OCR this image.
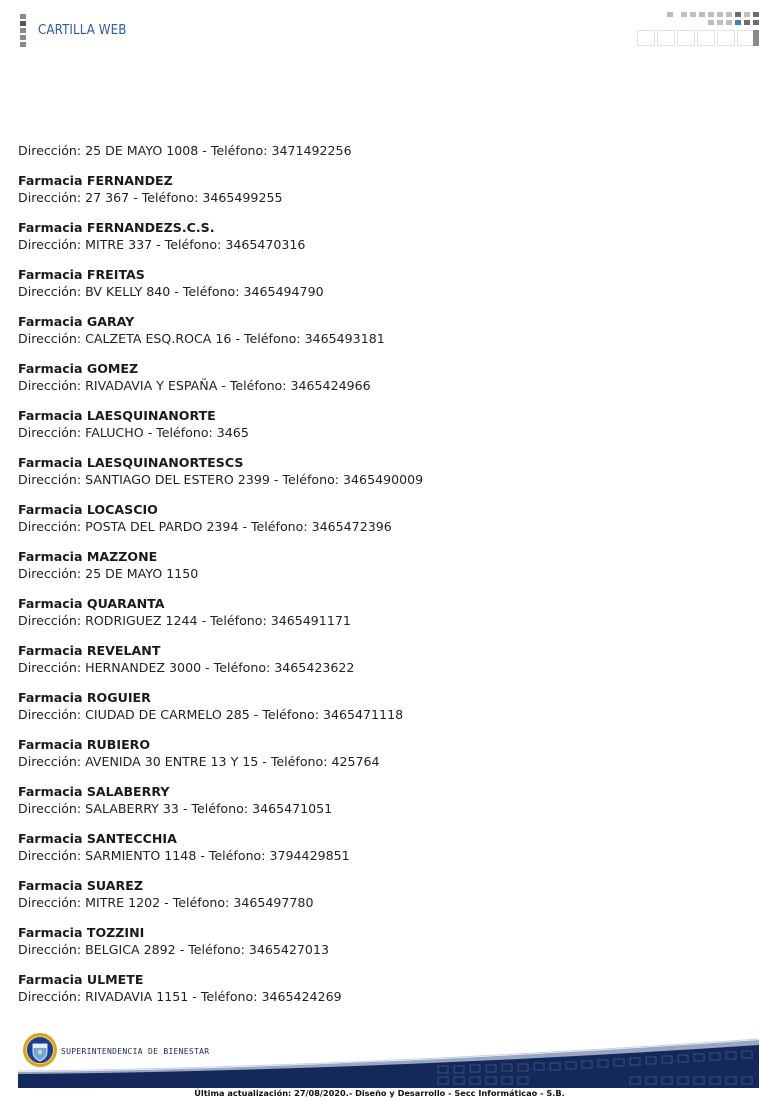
CARTILLA WEB
Dirección: 25 DE MAYO 1008 - Teléfono: 3471492256
Farmacia FERNANDEZ
Dirección: 27 367 - Teléfono: 3465499255
Farmacia FERNANDEZS.C.S.
Dirección: MITRE 337 - Teléfono: 3465470316
Farmacia FREITAS
Dirección: BV KELLY 840 - Teléfono: 3465494790
Farmacia GARAY
Dirección: CALZETA ESQ.ROCA 16 - Teléfono: 3465493181
Farmacia GOMEZ
Dirección: RIVADAVIA Y ESPAÑA - Teléfono: 3465424966
Farmacia LAESQUINANORTE
Dirección: FALUCHO - Teléfono: 3465
Farmacia LAESQUINANORTESCS
Dirección: SANTIAGO DEL ESTERO 2399 - Teléfono: 3465490009
Farmacia LOCASCIO
Dirección: POSTA DEL PARDO 2394 - Teléfono: 3465472396
Farmacia MAZZONE
Dirección: 25 DE MAYO 1150
Farmacia QUARANTA
Dirección: RODRIGUEZ 1244 - Teléfono: 3465491171
Farmacia REVELANT
Dirección: HERNANDEZ 3000 - Teléfono: 3465423622
Farmacia ROGUIER
Dirección: CIUDAD DE CARMELO 285 - Teléfono: 3465471118
Farmacia RUBIERO
Dirección: AVENIDA 30 ENTRE 13 Y 15 - Teléfono: 425764
Farmacia SALABERRY
Dirección: SALABERRY 33 - Teléfono: 3465471051
Farmacia SANTECCHIA
Dirección: SARMIENTO 1148 - Teléfono: 3794429851
Farmacia SUAREZ
Dirección: MITRE 1202 - Teléfono: 3465497780
Farmacia TOZZINI
Dirección: BELGICA 2892 - Teléfono: 3465427013
Farmacia ULMETE
Dirección: RIVADAVIA 1151 - Teléfono: 3465424269
SUPERINTENDENCIA DE BIENESTAR
Última actualización: 27/08/2020.- Diseño y Desarrollo - Secc Informáticao - S.B.
